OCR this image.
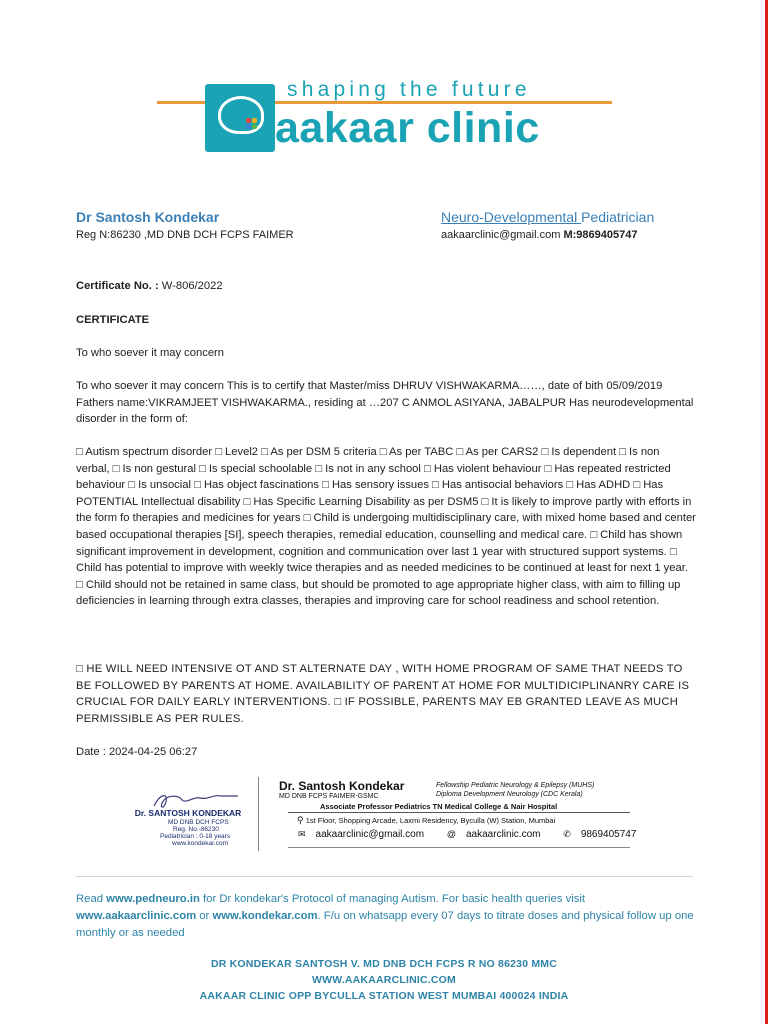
shaping the future
aakaar clinic
Dr Santosh Kondekar
Reg N:86230 ,MD DNB DCH FCPS FAIMER
Neuro-Developmental Pediatrician
aakaarclinic@gmail.com M:9869405747
Certificate No. : W-806/2022
CERTIFICATE
To who soever it may concern
To who soever it may concern This is to certify that Master/miss DHRUV VISHWAKARMA……, date of bith 05/09/2019 Fathers name:VIKRAMJEET VISHWAKARMA., residing at …207 C ANMOL ASIYANA, JABALPUR Has neurodevelopmental disorder in the form of:
□ Autism spectrum disorder □ Level2 □ As per DSM 5 criteria □ As per TABC □ As per CARS2 □ Is dependent □ Is non verbal, □ Is non gestural □ Is special schoolable □ Is not in any school □ Has violent behaviour □ Has repeated restricted behaviour □ Is unsocial □ Has object fascinations □ Has sensory issues □ Has antisocial behaviors □ Has ADHD □ Has POTENTIAL Intellectual disability □ Has Specific Learning Disability as per DSM5 □ It is likely to improve partly with efforts in the form fo therapies and medicines for years □ Child is undergoing multidisciplinary care, with mixed home based and center based occupational therapies [SI], speech therapies, remedial education, counselling and medical care. □ Child has shown significant improvement in development, cognition and communication over last 1 year with structured support systems. □ Child has potential to improve with weekly twice therapies and as needed medicines to be continued at least for next 1 year. □ Child should not be retained in same class, but should be promoted to age appropriate higher class, with aim to filling up deficiencies in learning through extra classes, therapies and improving care for school readiness and school retention.
□ HE WILL NEED INTENSIVE OT AND ST ALTERNATE DAY , WITH HOME PROGRAM OF SAME THAT NEEDS TO BE FOLLOWED BY PARENTS AT HOME. AVAILABILITY OF PARENT AT HOME FOR MULTIDICIPLINANRY CARE IS CRUCIAL FOR DAILY EARLY INTERVENTIONS. □ IF POSSIBLE, PARENTS MAY EB GRANTED LEAVE AS MUCH PERMISSIBLE AS PER RULES.
Date : 2024-04-25 06:27
Dr. SANTOSH KONDEKAR
MD DNB DCH FCPS
Reg. No.-86230
Pediatrician : 0-18 years
www.kondekar.com
Dr. Santosh Kondekar
MD DNB FCPS FAIMER-GSMC
Fellowship Pediatric Neurology & Epilepsy (MUHS)
Diploma Development Neurology (CDC Kerala)
Associate Professor Pediatrics TN Medical College & Nair Hospital
⚲ 1st Floor, Shopping Arcade, Laxmi Residency, Byculla (W) Station, Mumbai
✉ aakaarclinic@gmail.com	@ aakaarclinic.com	✆ 9869405747
Read www.pedneuro.in for Dr kondekar's Protocol of managing Autism. For basic health queries visit www.aakaarclinic.com or www.kondekar.com. F/u on whatsapp every 07 days to titrate doses and physical follow up one monthly or as needed
DR KONDEKAR SANTOSH V. MD DNB DCH FCPS R NO 86230 MMC
WWW.AAKAARCLINIC.COM
AAKAAR CLINIC OPP BYCULLA STATION WEST MUMBAI 400024 INDIA
